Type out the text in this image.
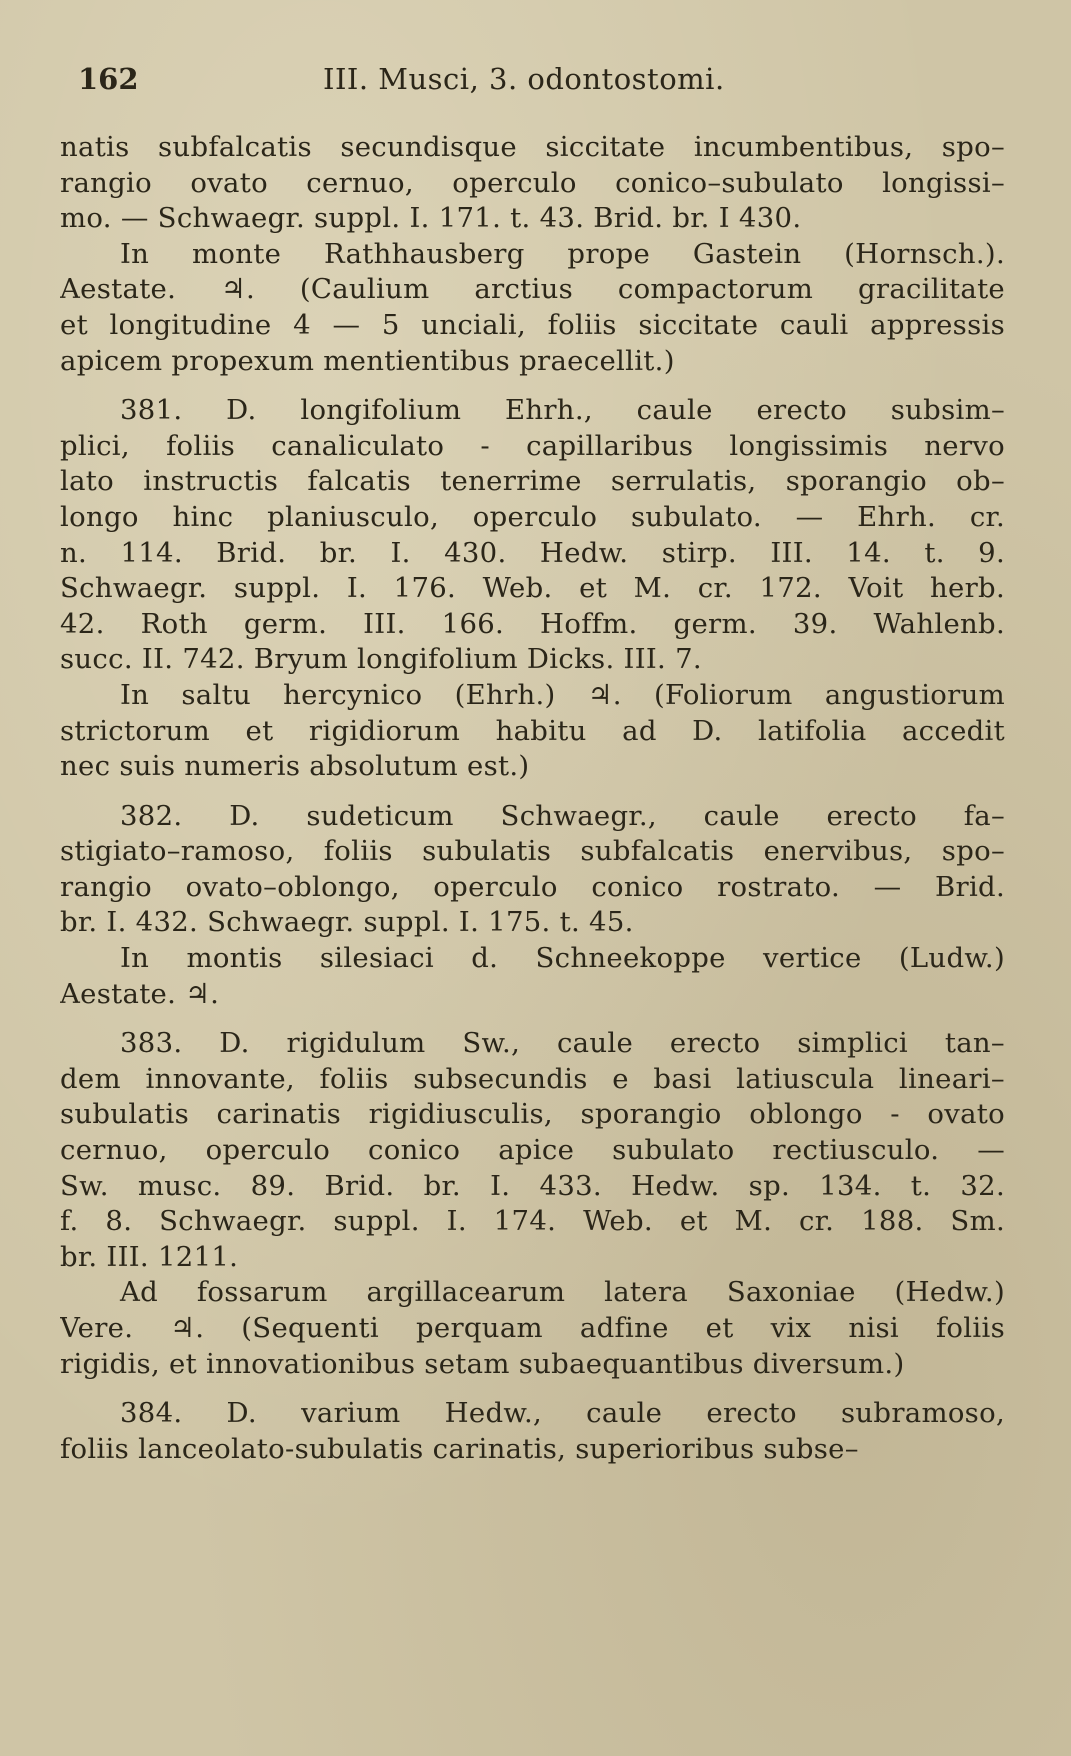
162	III. Musci, 3. odontostomi.
natis subfalcatis secundisque siccitate incumbentibus, spo–
rangio ovato cernuo, operculo conico–subulato longissi–
mo. — Schwaegr. suppl. I. 171. t. 43. Brid. br. I 430.
In monte Rathhausberg prope Gastein (Hornsch.).
Aestate. ♃. (Caulium arctius compactorum gracilitate
et longitudine 4 — 5 unciali, foliis siccitate cauli appressis
apicem propexum mentientibus praecellit.)
381. D. longifolium Ehrh., caule erecto subsim–
plici, foliis canaliculato - capillaribus longissimis nervo
lato instructis falcatis tenerrime serrulatis, sporangio ob–
longo hinc planiusculo, operculo subulato. — Ehrh. cr.
n. 114. Brid. br. I. 430. Hedw. stirp. III. 14. t. 9.
Schwaegr. suppl. I. 176. Web. et M. cr. 172. Voit herb.
42. Roth germ. III. 166. Hoffm. germ. 39. Wahlenb.
succ. II. 742. Bryum longifolium Dicks. III. 7.
In saltu hercynico (Ehrh.) ♃. (Foliorum angustiorum
strictorum et rigidiorum habitu ad D. latifolia accedit
nec suis numeris absolutum est.)
382. D. sudeticum Schwaegr., caule erecto fa–
stigiato–ramoso, foliis subulatis subfalcatis enervibus, spo–
rangio ovato–oblongo, operculo conico rostrato. — Brid.
br. I. 432. Schwaegr. suppl. I. 175. t. 45.
In montis silesiaci d. Schneekoppe vertice (Ludw.)
Aestate. ♃.
383. D. rigidulum Sw., caule erecto simplici tan–
dem innovante, foliis subsecundis e basi latiuscula lineari–
subulatis carinatis rigidiusculis, sporangio oblongo - ovato
cernuo, operculo conico apice subulato rectiusculo. —
Sw. musc. 89. Brid. br. I. 433. Hedw. sp. 134. t. 32.
f. 8. Schwaegr. suppl. I. 174. Web. et M. cr. 188. Sm.
br. III. 1211.
Ad fossarum argillacearum latera Saxoniae (Hedw.)
Vere. ♃. (Sequenti perquam adfine et vix nisi foliis
rigidis, et innovationibus setam subaequantibus diversum.)
384. D. varium Hedw., caule erecto subramoso,
foliis lanceolato-subulatis carinatis, superioribus subse–
